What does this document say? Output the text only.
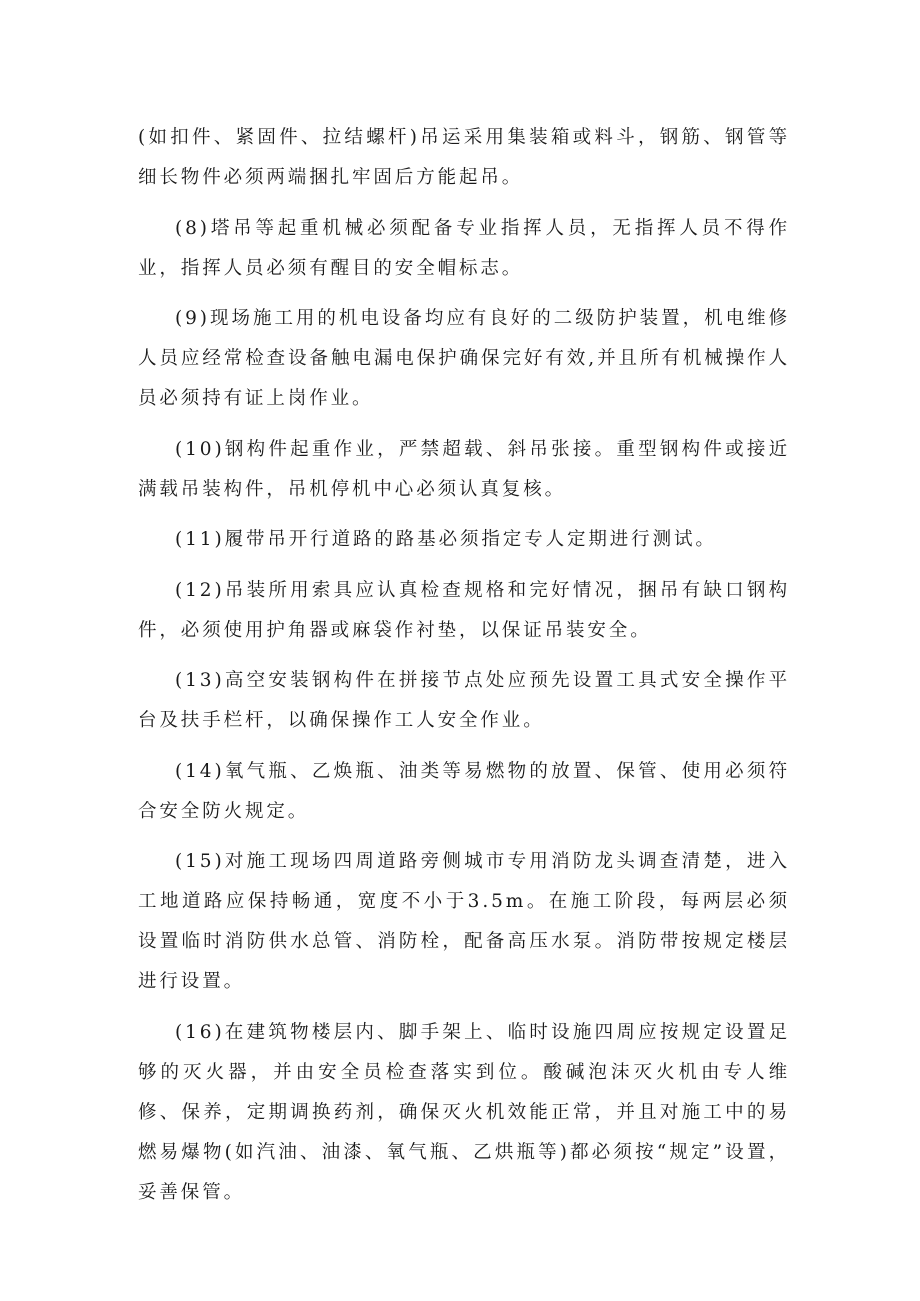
(如扣件、紧固件、拉结螺杆)吊运采用集装箱或料斗，钢筋、钢管等细长物件必须两端捆扎牢固后方能起吊。

(8)塔吊等起重机械必须配备专业指挥人员，无指挥人员不得作业，指挥人员必须有醒目的安全帽标志。

(9)现场施工用的机电设备均应有良好的二级防护装置，机电维修人员应经常检查设备触电漏电保护确保完好有效,并且所有机械操作人员必须持有证上岗作业。

(10)钢构件起重作业，严禁超载、斜吊张接。重型钢构件或接近满载吊装构件，吊机停机中心必须认真复核。

(11)履带吊开行道路的路基必须指定专人定期进行测试。

(12)吊装所用索具应认真检查规格和完好情况，捆吊有缺口钢构件，必须使用护角器或麻袋作衬垫，以保证吊装安全。

(13)高空安装钢构件在拼接节点处应预先设置工具式安全操作平台及扶手栏杆，以确保操作工人安全作业。

(14)氧气瓶、乙焕瓶、油类等易燃物的放置、保管、使用必须符合安全防火规定。

(15)对施工现场四周道路旁侧城市专用消防龙头调查清楚，进入工地道路应保持畅通，宽度不小于3.5m。在施工阶段，每两层必须设置临时消防供水总管、消防栓，配备高压水泵。消防带按规定楼层进行设置。

(16)在建筑物楼层内、脚手架上、临时设施四周应按规定设置足够的灭火器，并由安全员检查落实到位。酸碱泡沫灭火机由专人维修、保养，定期调换药剂，确保灭火机效能正常，并且对施工中的易燃易爆物(如汽油、油漆、氧气瓶、乙烘瓶等)都必须按“规定”设置，妥善保管。
